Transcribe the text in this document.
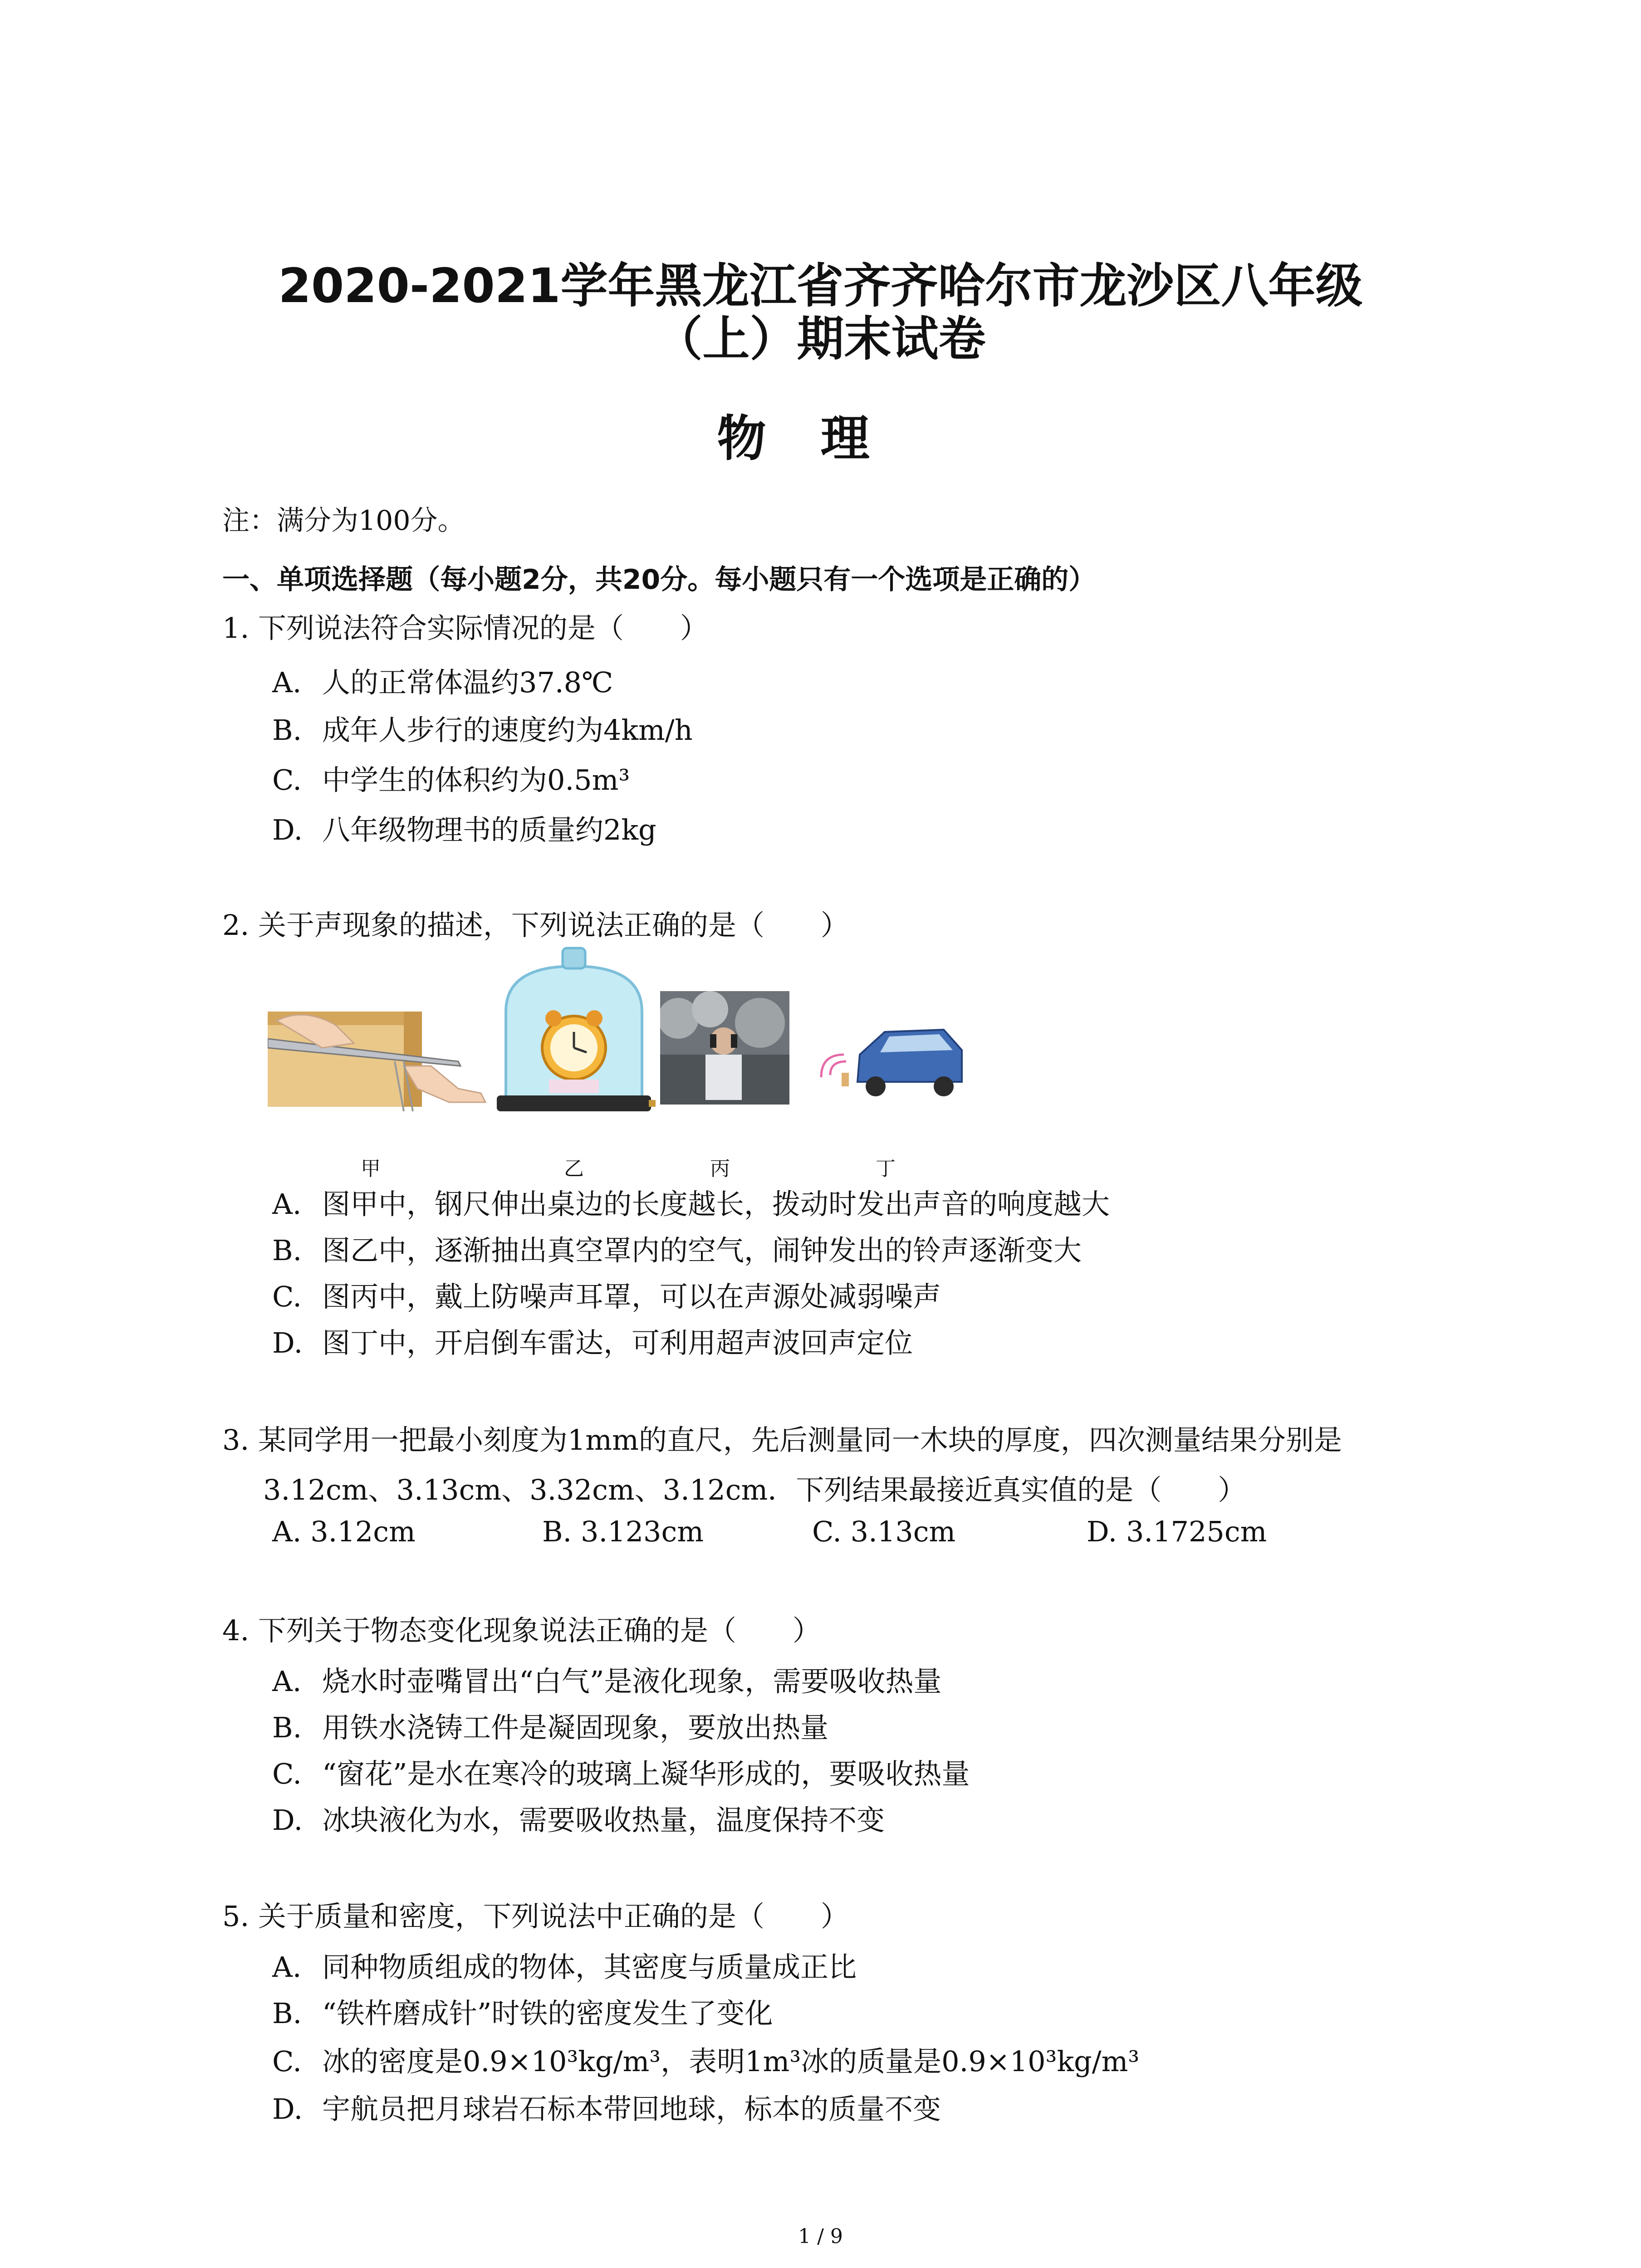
2020-2021学年黑龙江省齐齐哈尔市龙沙区八年级
（上）期末试卷
物理
注：满分为100分。
一、单项选择题（每小题2分，共20分。每小题只有一个选项是正确的）
1. 下列说法符合实际情况的是（　　）
A. 人的正常体温约37.8℃
B. 成年人步行的速度约为4km/h
C. 中学生的体积约为0.5m³
D. 八年级物理书的质量约2kg
2. 关于声现象的描述，下列说法正确的是（　　）
甲	乙	丙	丁
A. 图甲中，钢尺伸出桌边的长度越长，拨动时发出声音的响度越大
B. 图乙中，逐渐抽出真空罩内的空气，闹钟发出的铃声逐渐变大
C. 图丙中，戴上防噪声耳罩，可以在声源处减弱噪声
D. 图丁中，开启倒车雷达，可利用超声波回声定位
3. 某同学用一把最小刻度为1mm的直尺，先后测量同一木块的厚度，四次测量结果分别是
3.12cm、3.13cm、3.32cm、3.12cm．下列结果最接近真实值的是（　　）
A. 3.12cm	B. 3.123cm	C. 3.13cm	D. 3.1725cm
4. 下列关于物态变化现象说法正确的是（　　）
A. 烧水时壶嘴冒出“白气”是液化现象，需要吸收热量
B. 用铁水浇铸工件是凝固现象，要放出热量
C. “窗花”是水在寒冷的玻璃上凝华形成的，要吸收热量
D. 冰块液化为水，需要吸收热量，温度保持不变
5. 关于质量和密度，下列说法中正确的是（　　）
A. 同种物质组成的物体，其密度与质量成正比
B. “铁杵磨成针”时铁的密度发生了变化
C. 冰的密度是0.9×10³kg/m³，表明1m³冰的质量是0.9×10³kg/m³
D. 宇航员把月球岩石标本带回地球，标本的质量不变
1 / 9
